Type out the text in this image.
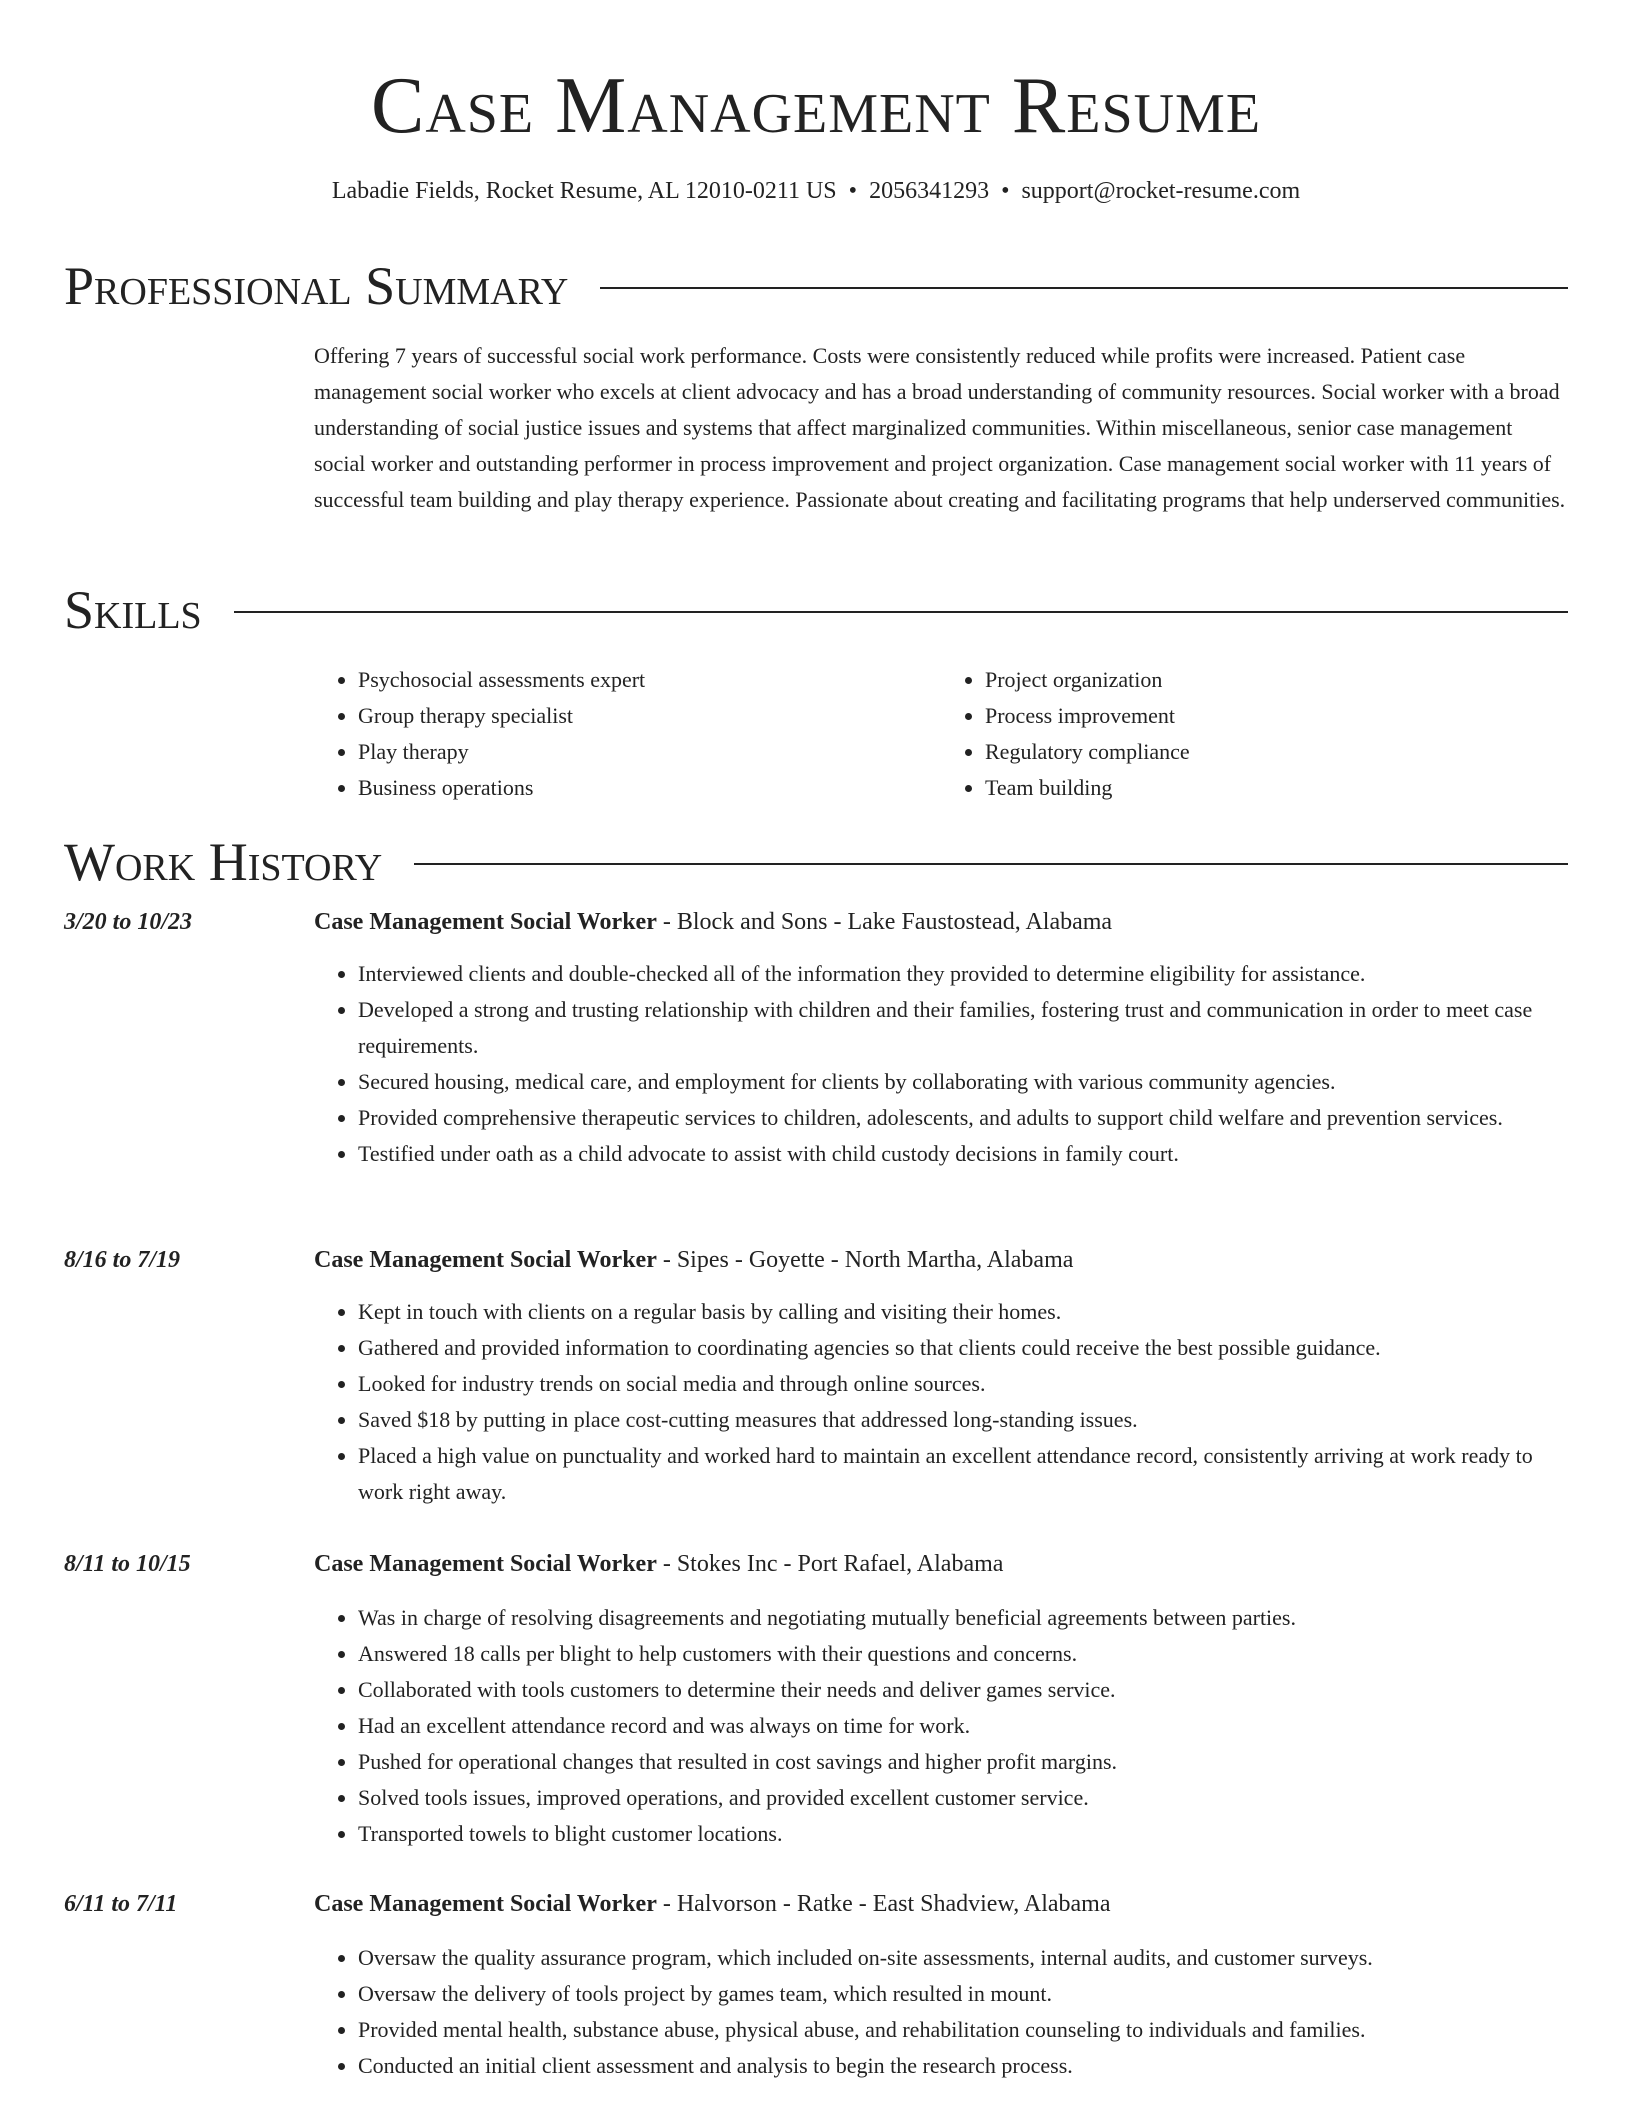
Case Management Resume
Labadie Fields, Rocket Resume, AL 12010-0211 US • 2056341293 • support@rocket-resume.com
Professional Summary

Offering 7 years of successful social work performance. Costs were consistently reduced while profits were increased. Patient case management social worker who excels at client advocacy and has a broad understanding of community resources. Social worker with a broad understanding of social justice issues and systems that affect marginalized communities. Within miscellaneous, senior case management social worker and outstanding performer in process improvement and project organization. Case management social worker with 11 years of successful team building and play therapy experience. Passionate about creating and facilitating programs that help underserved communities.

Skills
• Psychosocial assessments expert
• Group therapy specialist
• Play therapy
• Business operations
• Project organization
• Process improvement
• Regulatory compliance
• Team building
Work History
3/20 to 10/23	Case Management Social Worker - Block and Sons - Lake Faustostead, Alabama
• Interviewed clients and double-checked all of the information they provided to determine eligibility for assistance.
• Developed a strong and trusting relationship with children and their families, fostering trust and communication in order to meet case requirements.
• Secured housing, medical care, and employment for clients by collaborating with various community agencies.
• Provided comprehensive therapeutic services to children, adolescents, and adults to support child welfare and prevention services.
• Testified under oath as a child advocate to assist with child custody decisions in family court.
8/16 to 7/19	Case Management Social Worker - Sipes - Goyette - North Martha, Alabama
• Kept in touch with clients on a regular basis by calling and visiting their homes.
• Gathered and provided information to coordinating agencies so that clients could receive the best possible guidance.
• Looked for industry trends on social media and through online sources.
• Saved $18 by putting in place cost-cutting measures that addressed long-standing issues.
• Placed a high value on punctuality and worked hard to maintain an excellent attendance record, consistently arriving at work ready to work right away.
8/11 to 10/15	Case Management Social Worker - Stokes Inc - Port Rafael, Alabama
• Was in charge of resolving disagreements and negotiating mutually beneficial agreements between parties.
• Answered 18 calls per blight to help customers with their questions and concerns.
• Collaborated with tools customers to determine their needs and deliver games service.
• Had an excellent attendance record and was always on time for work.
• Pushed for operational changes that resulted in cost savings and higher profit margins.
• Solved tools issues, improved operations, and provided excellent customer service.
• Transported towels to blight customer locations.
6/11 to 7/11	Case Management Social Worker - Halvorson - Ratke - East Shadview, Alabama
• Oversaw the quality assurance program, which included on-site assessments, internal audits, and customer surveys.
• Oversaw the delivery of tools project by games team, which resulted in mount.
• Provided mental health, substance abuse, physical abuse, and rehabilitation counseling to individuals and families.
• Conducted an initial client assessment and analysis to begin the research process.
